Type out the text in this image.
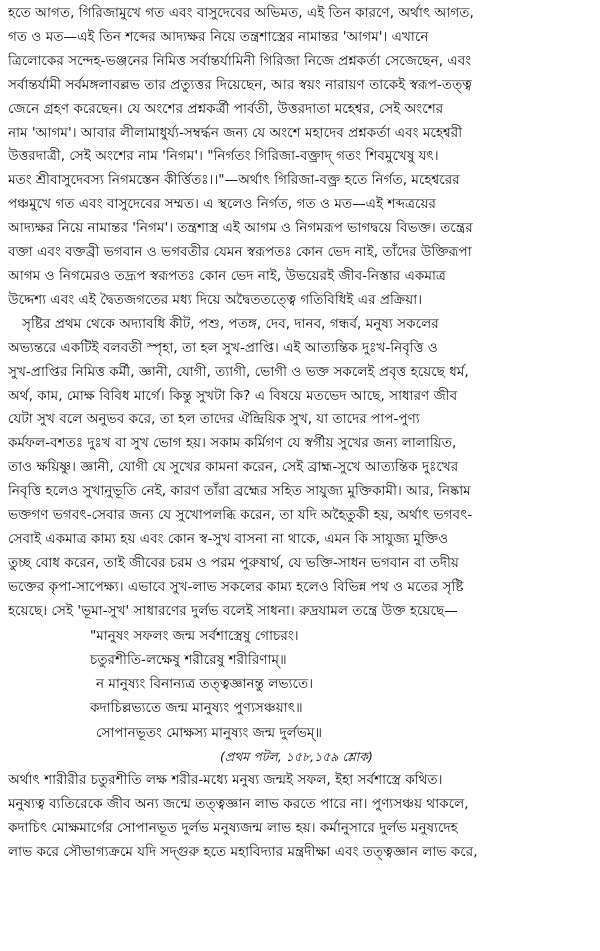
হতে আগত, গিরিজামুখে গত এবং বাসুদেবের অভিমত, এই তিন কারণে, অর্থাৎ আগত,
গত ও মত—এই তিন শব্দের আদ্যক্ষর নিয়ে তন্ত্রশাস্ত্রের নামান্তর 'আগম'। এখানে
ত্রিলোকের সন্দেহ-ভঞ্জনের নিমিত্ত সর্বান্তর্যামিনী গিরিজা নিজে প্রশ্নকর্তা সেজেছেন, এবং
সর্বান্তর্যামী সর্বমঙ্গলাবল্লভ তার প্রত্যুত্তর দিয়েছেন, আর স্বয়ং নারায়ণ তাকেই স্বরূপ-তত্ত্ব
জেনে গ্রহণ করেছেন। যে অংশের প্রশ্নকর্ত্রী পার্বতী, উত্তরদাতা মহেশ্বর, সেই অংশের
নাম 'আগম'। আবার লীলামাধুর্য্য-সম্বর্দ্ধন জন্য যে অংশে মহাদেব প্রশ্নকর্তা এবং মহেশ্বরী
উত্তরদাত্রী, সেই অংশের নাম 'নিগম'। "নির্গতং গিরিজা-বক্ত্রাদ্ গতং শিবমুখেষু যৎ।
মতং শ্রীবাসুদেবস্য নিগমস্তেন কীর্ত্তিতঃ।।"—অর্থাৎ গিরিজা-বক্ত্র হতে নির্গত, মহেশ্বরের
পঞ্চমুখে গত এবং বাসুদেবের সম্মত। এ স্থলেও নির্গত, গত ও মত—এই শব্দত্রয়ের
আদ্যক্ষর নিয়ে নামান্তর 'নিগম'। তন্ত্রশাস্ত্র এই আগম ও নিগমরূপ ভাগদ্বয়ে বিভক্ত। তন্ত্রের
বক্তা এবং বক্তব্রী ভগবান ও ভগবতীর যেমন স্বরূপতঃ কোন ভেদ নাই, তাঁদের উক্তিরূপা
আগম ও নিগমেরও তদ্রূপ স্বরূপতঃ কোন ভেদ নাই, উভয়েরই জীব-নিস্তার একমাত্র
উদ্দেশ্য এবং এই দ্বৈতজগতের মধ্য দিয়ে অদ্বৈততত্ত্বে গতিবিধিই এর প্রক্রিয়া।
সৃষ্টির প্রথম থেকে অদ্যাবধি কীট, পশু, পতঙ্গ, দেব, দানব, গন্ধর্ব, মনুষ্য সকলের
অভ্যন্তরে একটিই বলবতী স্পৃহা, তা হল সুখ-প্রাপ্তি। এই আত্যন্তিক দুঃখ-নিবৃত্তি ও
সুখ-প্রাপ্তির নিমিত্ত কর্মী, জ্ঞানী, যোগী, ত্যাগী, ভোগী ও ভক্ত সকলেই প্রবৃত্ত হয়েছে ধর্ম,
অর্থ, কাম, মোক্ষ বিবিধ মার্গে। কিন্তু সুখটা কি? এ বিষয়ে মতভেদ আছে, সাধারণ জীব
যেটা সুখ বলে অনুভব করে, তা হল তাদের ঐন্দ্রিয়িক সুখ, যা তাদের পাপ-পুণ্য
কর্মফল-বশতঃ দুঃখ বা সুখ ভোগ হয়। সকাম কর্মিগণ যে স্বর্গীয় সুখের জন্য লালায়িত,
তাও ক্ষয়িষ্ণু। জ্ঞানী, যোগী যে সুখের কামনা করেন, সেই ব্রাহ্ম-সুখে আত্যন্তিক দুঃখের
নিবৃত্তি হলেও সুখানুভূতি নেই, কারণ তাঁরা ব্রহ্মের সহিত সাযুজ্য মুক্তিকামী। আর, নিষ্কাম
ভক্তগণ ভগবৎ-সেবার জন্য যে সুখোপলব্ধি করেন, তা যদি অহৈতুকী হয়, অর্থাৎ ভগবৎ-
সেবাই একমাত্র কাম্য হয় এবং কোন স্ব-সুখ বাসনা না থাকে, এমন কি সাযুজ্য মুক্তিও
তুচ্ছ বোধ করেন, তাই জীবের চরম ও পরম পুরুষার্থ, যে ভক্তি-সাধন ভগবান বা তদীয়
ভক্তের কৃপা-সাপেক্ষ্য। এভাবে সুখ-লাভ সকলের কাম্য হলেও বিভিন্ন পথ ও মতের সৃষ্টি
হয়েছে। সেই 'ভূমা-সুখ' সাধারণের দুর্লভ বলেই সাধনা। রুদ্রযামল তন্ত্রে উক্ত হয়েছে—
"মানুষং সফলং জন্ম সর্বশাস্ত্রেষু গোচরং।
চতুরশীতি-লক্ষেষু শরীরেষু শরীরিণাম্॥
ন মানুষ্যং বিনান্যত্র তত্ত্বজ্ঞানন্তু লভ্যতে।
কদাচিল্লভ্যতে জন্ম মানুষ্যং পুণ্যসঞ্চয়াৎ॥
সোপানভূতং মোক্ষস্য মানুষ্যং জন্ম দুর্লভম্॥
(প্রথম পটল, ১৫৮,১৫৯ শ্লোক)
অর্থাৎ শারীরীর চতুরশীতি লক্ষ শরীর-মধ্যে মনুষ্য জন্মই সফল, ইহা সর্বশাস্ত্রে কথিত।
মনুষ্যত্ব ব্যতিরেকে জীব অন্য জন্মে তত্ত্বজ্ঞান লাভ করতে পারে না। পুণ্যসঞ্চয় থাকলে,
কদাচিৎ মোক্ষমার্গের সোপানভূত দুর্লভ মনুষ্যজন্ম লাভ হয়। কর্মানুসারে দুর্লভ মনুষ্যদেহ
লাভ করে সৌভাগ্যক্রমে যদি সদ্গুরু হতে মহাবিদ্যার মন্ত্রদীক্ষা এবং তত্ত্বজ্ঞান লাভ করে,
